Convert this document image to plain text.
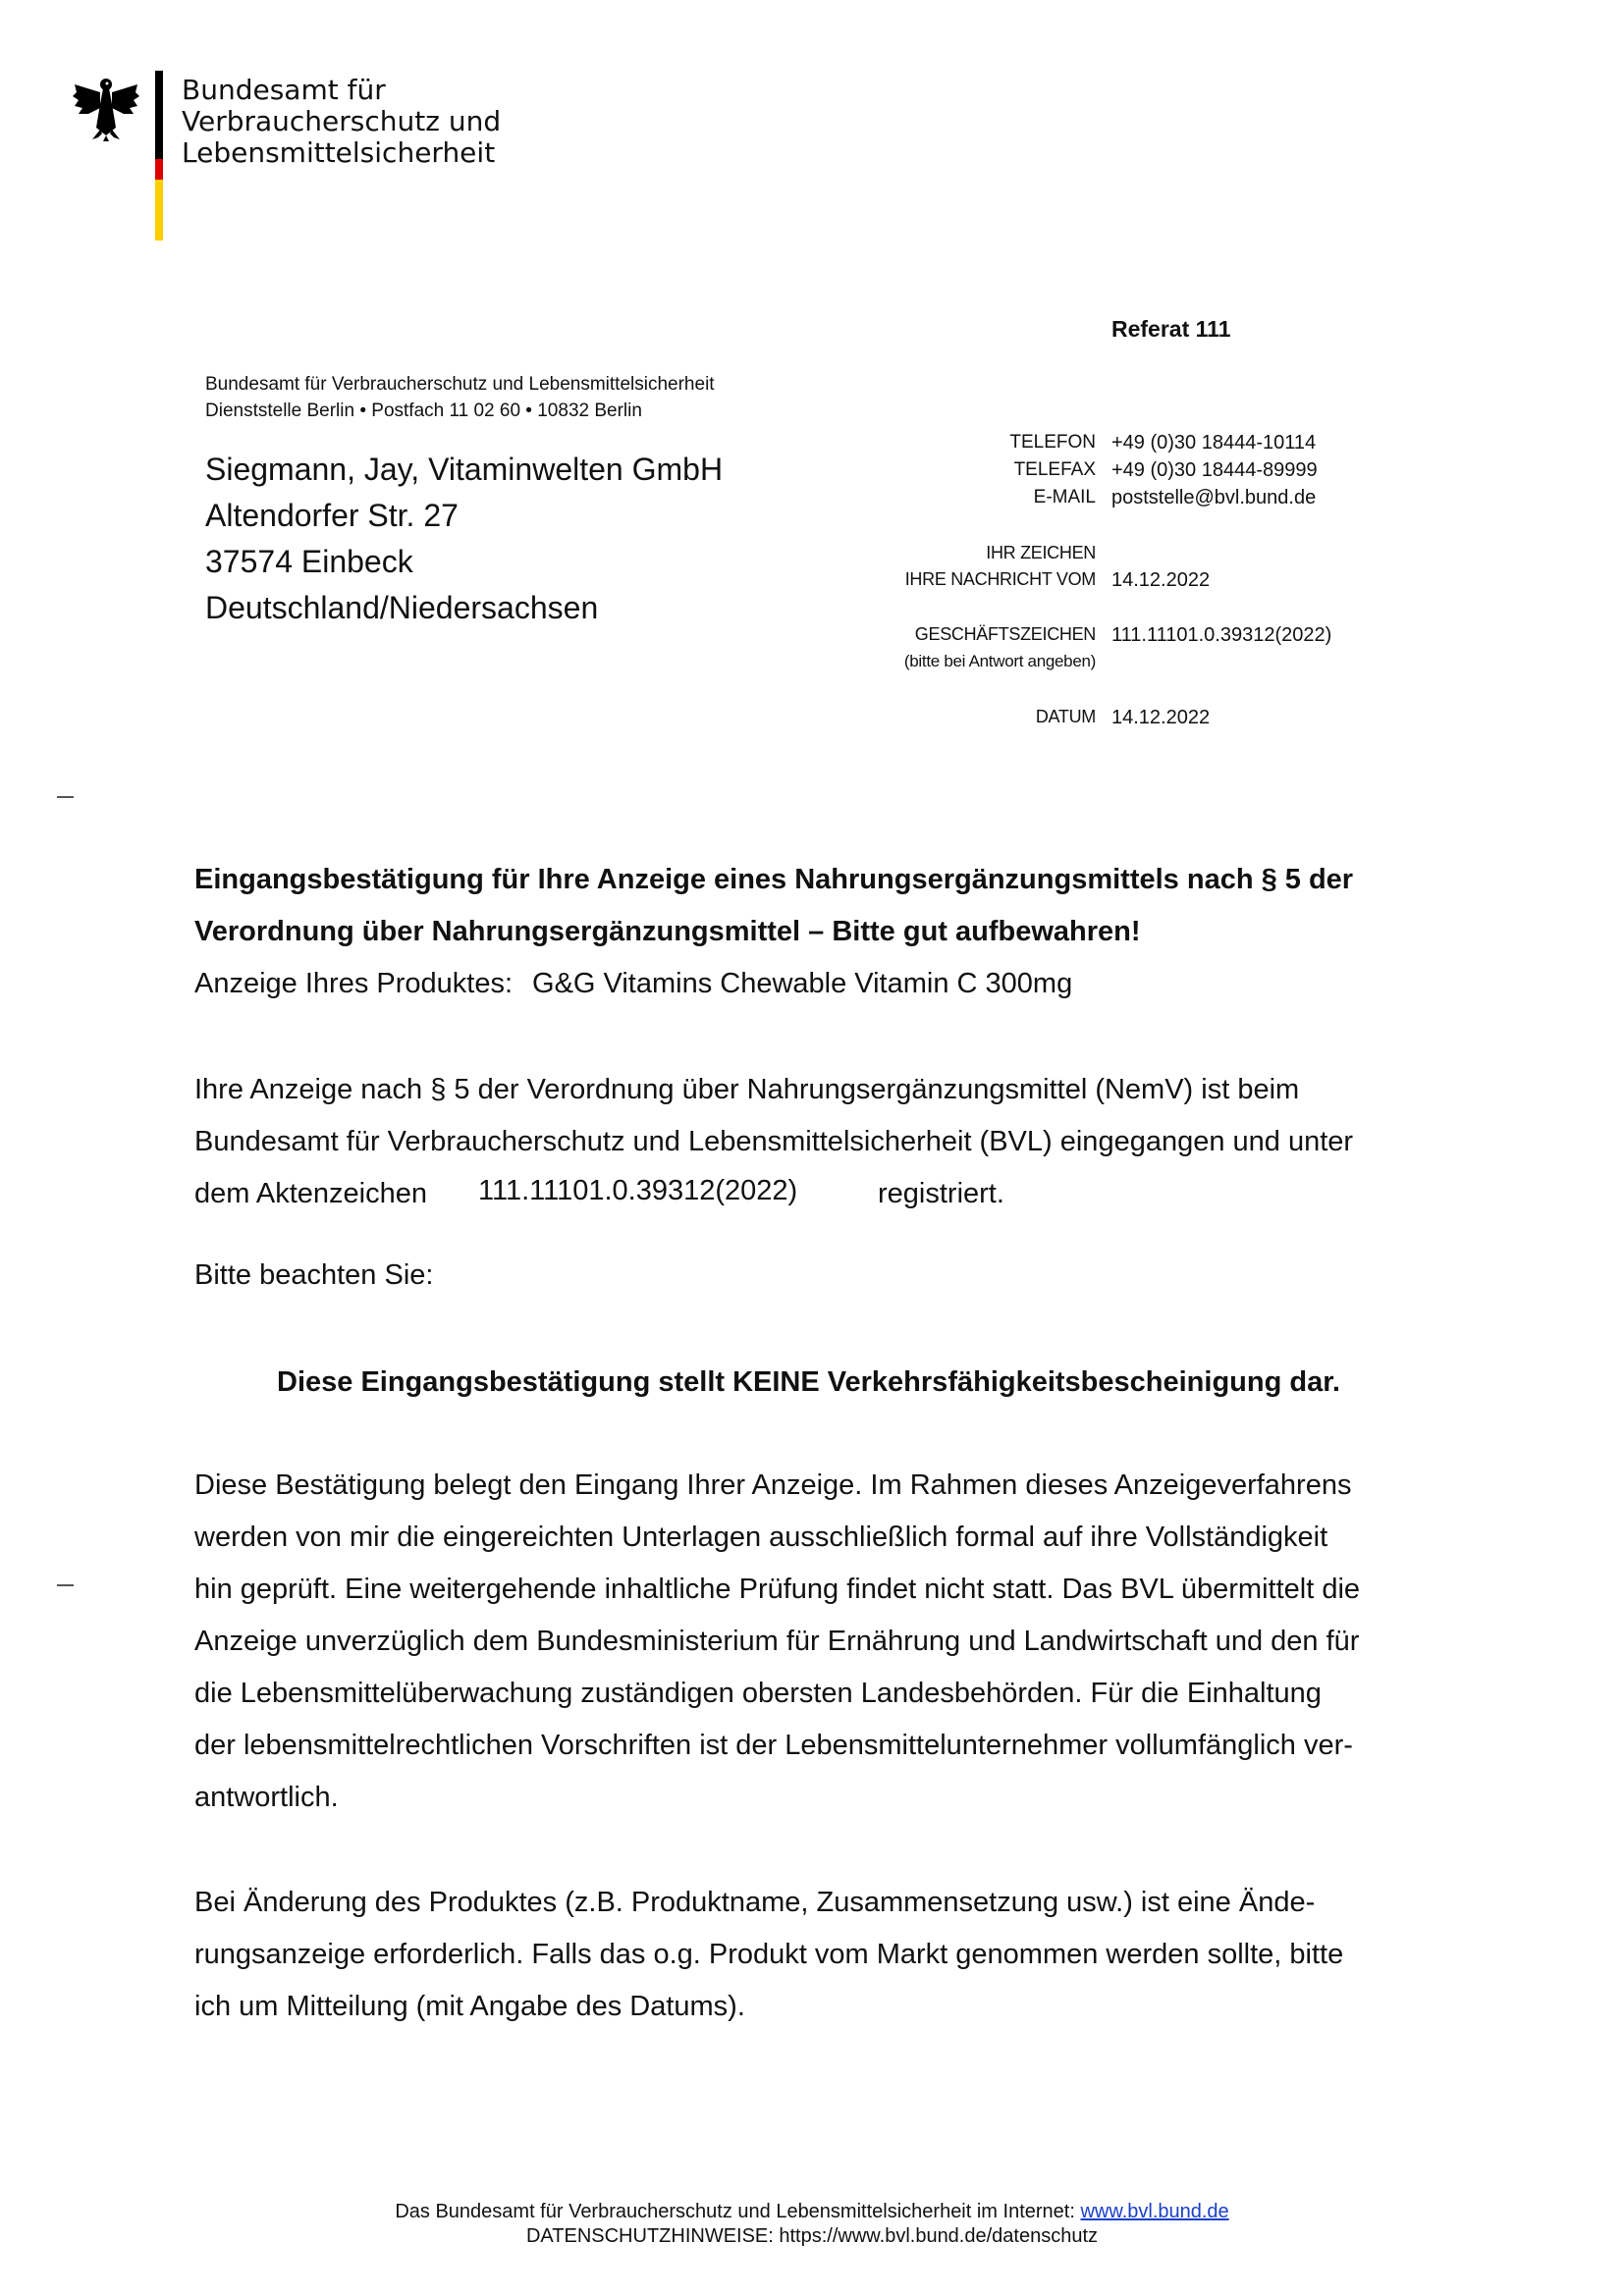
Bundesamt für
Verbraucherschutz und
Lebensmittelsicherheit
Referat 111
Bundesamt für Verbraucherschutz und Lebensmittelsicherheit
Dienststelle Berlin • Postfach 11 02 60 • 10832 Berlin
Siegmann, Jay, Vitaminwelten GmbH
Altendorfer Str. 27
37574 Einbeck
Deutschland/Niedersachsen
TELEFON +49 (0)30 18444-10114
TELEFAX +49 (0)30 18444-89999
E-MAIL poststelle@bvl.bund.de
IHR ZEICHEN
IHRE NACHRICHT VOM 14.12.2022
GESCHÄFTSZEICHEN 111.11101.0.39312(2022)
(bitte bei Antwort angeben)
DATUM 14.12.2022
Eingangsbestätigung für Ihre Anzeige eines Nahrungsergänzungsmittels nach § 5 der
Verordnung über Nahrungsergänzungsmittel – Bitte gut aufbewahren!
Anzeige Ihres Produktes: G&G Vitamins Chewable Vitamin C 300mg
Ihre Anzeige nach § 5 der Verordnung über Nahrungsergänzungsmittel (NemV) ist beim
Bundesamt für Verbraucherschutz und Lebensmittelsicherheit (BVL) eingegangen und unter
dem Aktenzeichen 111.11101.0.39312(2022)	registriert.
Bitte beachten Sie:
Diese Eingangsbestätigung stellt KEINE Verkehrsfähigkeitsbescheinigung dar.
Diese Bestätigung belegt den Eingang Ihrer Anzeige. Im Rahmen dieses Anzeigeverfahrens
werden von mir die eingereichten Unterlagen ausschließlich formal auf ihre Vollständigkeit
hin geprüft. Eine weitergehende inhaltliche Prüfung findet nicht statt. Das BVL übermittelt die
Anzeige unverzüglich dem Bundesministerium für Ernährung und Landwirtschaft und den für
die Lebensmittelüberwachung zuständigen obersten Landesbehörden. Für die Einhaltung
der lebensmittelrechtlichen Vorschriften ist der Lebensmittelunternehmer vollumfänglich ver-
antwortlich.
Bei Änderung des Produktes (z.B. Produktname, Zusammensetzung usw.) ist eine Ände-
rungsanzeige erforderlich. Falls das o.g. Produkt vom Markt genommen werden sollte, bitte
ich um Mitteilung (mit Angabe des Datums).
Das Bundesamt für Verbraucherschutz und Lebensmittelsicherheit im Internet: www.bvl.bund.de
DATENSCHUTZHINWEISE: https://www.bvl.bund.de/datenschutz
